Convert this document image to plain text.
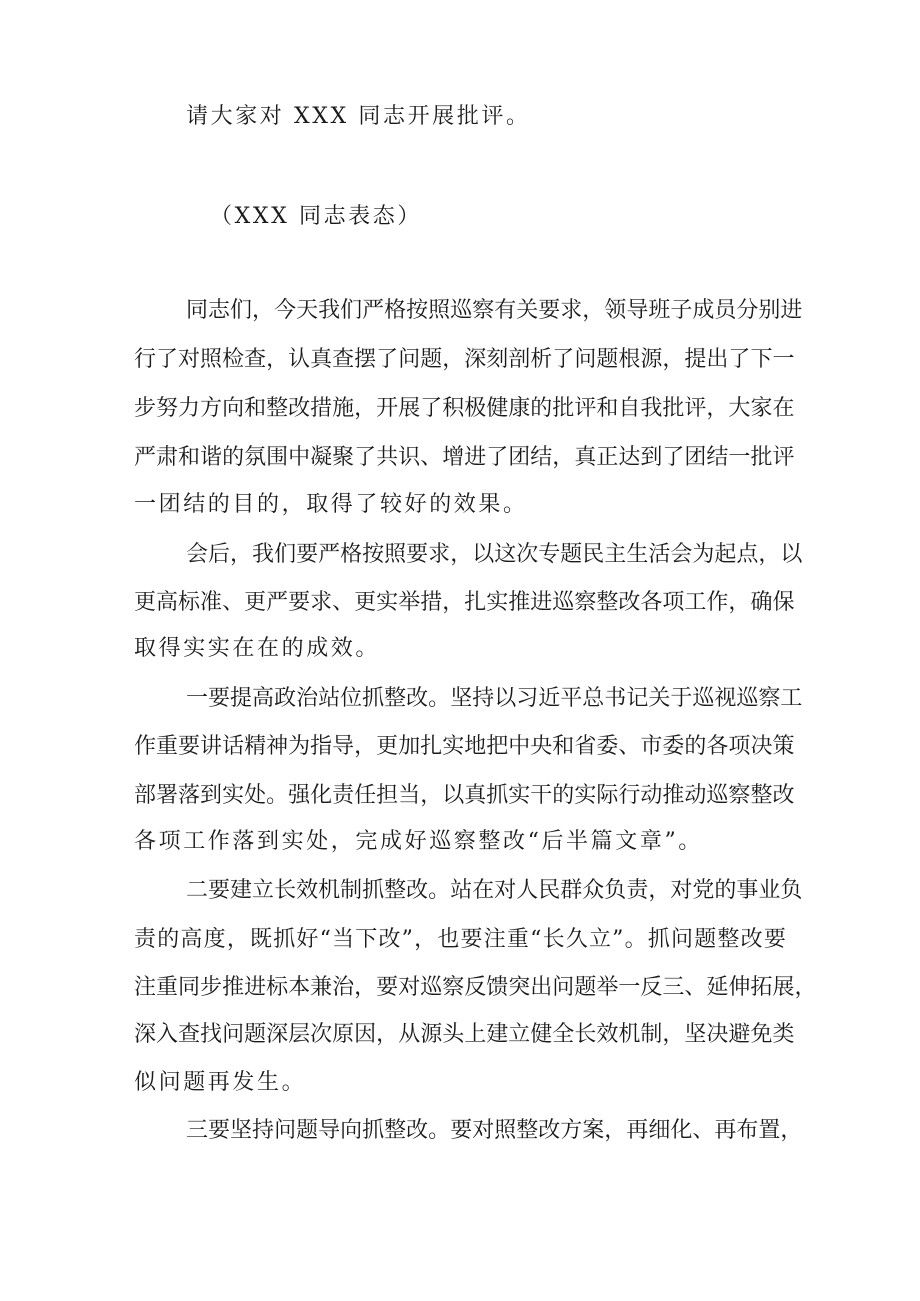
请大家对 XXX 同志开展批评。
（XXX 同志表态）
同 志 们 ， 今 天 我 们 严 格 按 照 巡 察 有 关 要 求 ， 领 导 班 子 成 员 分 别 进
行 了 对 照 检 查 ， 认 真 查 摆 了 问 题 ， 深 刻 剖 析 了 问 题 根 源 ， 提 出 了 下 一
步 努 力 方 向 和 整 改 措 施 ， 开 展 了 积 极 健 康 的 批 评 和 自 我 批 评 ， 大 家 在
严 肃 和 谐 的 氛 围 中 凝 聚 了 共 识 、 增 进 了 团 结 ， 真 正 达 到 了 团 结 一 批 评
一团结的目的，取得了较好的效果。
会 后 ， 我 们 要 严 格 按 照 要 求 ， 以 这 次 专 题 民 主 生 活 会 为 起 点 ， 以
更 高 标 准 、 更 严 要 求 、 更 实 举 措 ， 扎 实 推 进 巡 察 整 改 各 项 工 作 ， 确 保
取得实实在在的成效。
一 要 提 高 政 治 站 位 抓 整 改 。 坚 持 以 习 近 平 总 书 记 关 于 巡 视 巡 察 工
作 重 要 讲 话 精 神 为 指 导 ， 更 加 扎 实 地 把 中 央 和 省 委 、 市 委 的 各 项 决 策
部 署 落 到 实 处 。 强 化 责 任 担 当 ， 以 真 抓 实 干 的 实 际 行 动 推 动 巡 察 整 改
各项工作落到实处，完成好巡察整改“后半篇文章”。
二 要 建 立 长 效 机 制 抓 整 改 。 站 在 对 人 民 群 众 负 责 ， 对 党 的 事 业 负
责 的 高 度 ， 既 抓 好 “ 当 下 改 ” ， 也 要 注 重 “ 长 久 立 ” 。 抓 问 题 整 改 要
注 重 同 步 推 进 标 本 兼 治 ， 要 对 巡 察 反 馈 突 出 问 题 举 一 反 三 、 延 伸 拓 展 ，
深 入 查 找 问 题 深 层 次 原 因 ， 从 源 头 上 建 立 健 全 长 效 机 制 ， 坚 决 避 免 类
似问题再发生。
三 要 坚 持 问 题 导 向 抓 整 改 。 要 对 照 整 改 方 案 ， 再 细 化 、 再 布 置 ，
